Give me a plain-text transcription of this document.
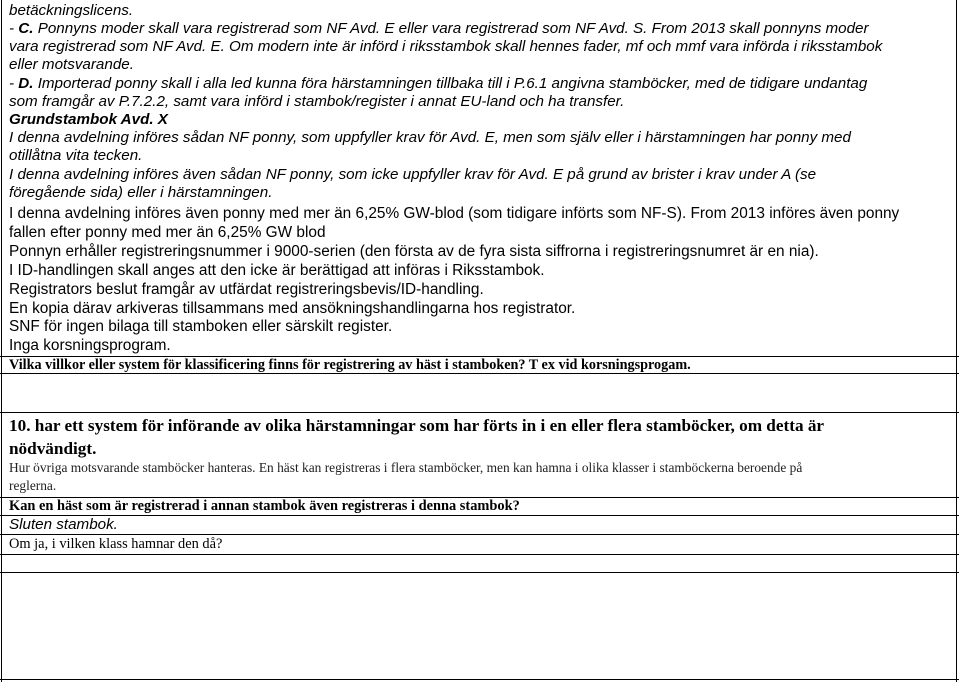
betäckningslicens.
- C. Ponnyns moder skall vara registrerad som NF Avd. E eller vara registrerad som NF Avd. S. From 2013 skall ponnyns moder
vara registrerad som NF Avd. E. Om modern inte är införd i riksstambok skall hennes fader, mf och mmf vara införda i riksstambok
eller motsvarande.
- D. Importerad ponny skall i alla led kunna föra härstamningen tillbaka till i P.6.1 angivna stamböcker, med de tidigare undantag
som framgår av P.7.2.2, samt vara införd i stambok/register i annat EU-land och ha transfer.
Grundstambok Avd. X
I denna avdelning införes sådan NF ponny, som uppfyller krav för Avd. E, men som själv eller i härstamningen har ponny med
otillåtna vita tecken.
I denna avdelning införes även sådan NF ponny, som icke uppfyller krav för Avd. E på grund av brister i krav under A (se
föregående sida) eller i härstamningen.
I denna avdelning införes även ponny med mer än 6,25% GW-blod (som tidigare införts som NF-S). From 2013 införes även ponny
fallen efter ponny med mer än 6,25% GW blod
Ponnyn erhåller registreringsnummer i 9000-serien (den första av de fyra sista siffrorna i registreringsnumret är en nia).
I ID-handlingen skall anges att den icke är berättigad att införas i Riksstambok.
Registrators beslut framgår av utfärdat registreringsbevis/ID-handling.
En kopia därav arkiveras tillsammans med ansökningshandlingarna hos registrator.
SNF för ingen bilaga till stamboken eller särskilt register.
Inga korsningsprogram.
Vilka villkor eller system för klassificering finns för registrering av häst i stamboken? T ex vid korsningsprogam.
10. har ett system för införande av olika härstamningar som har förts in i en eller flera stamböcker, om detta är
nödvändigt.
Hur övriga motsvarande stamböcker hanteras. En häst kan registreras i flera stamböcker, men kan hamna i olika klasser i stamböckerna beroende på
reglerna.
Kan en häst som är registrerad i annan stambok även registreras i denna stambok?
Sluten stambok.
Om ja, i vilken klass hamnar den då?
